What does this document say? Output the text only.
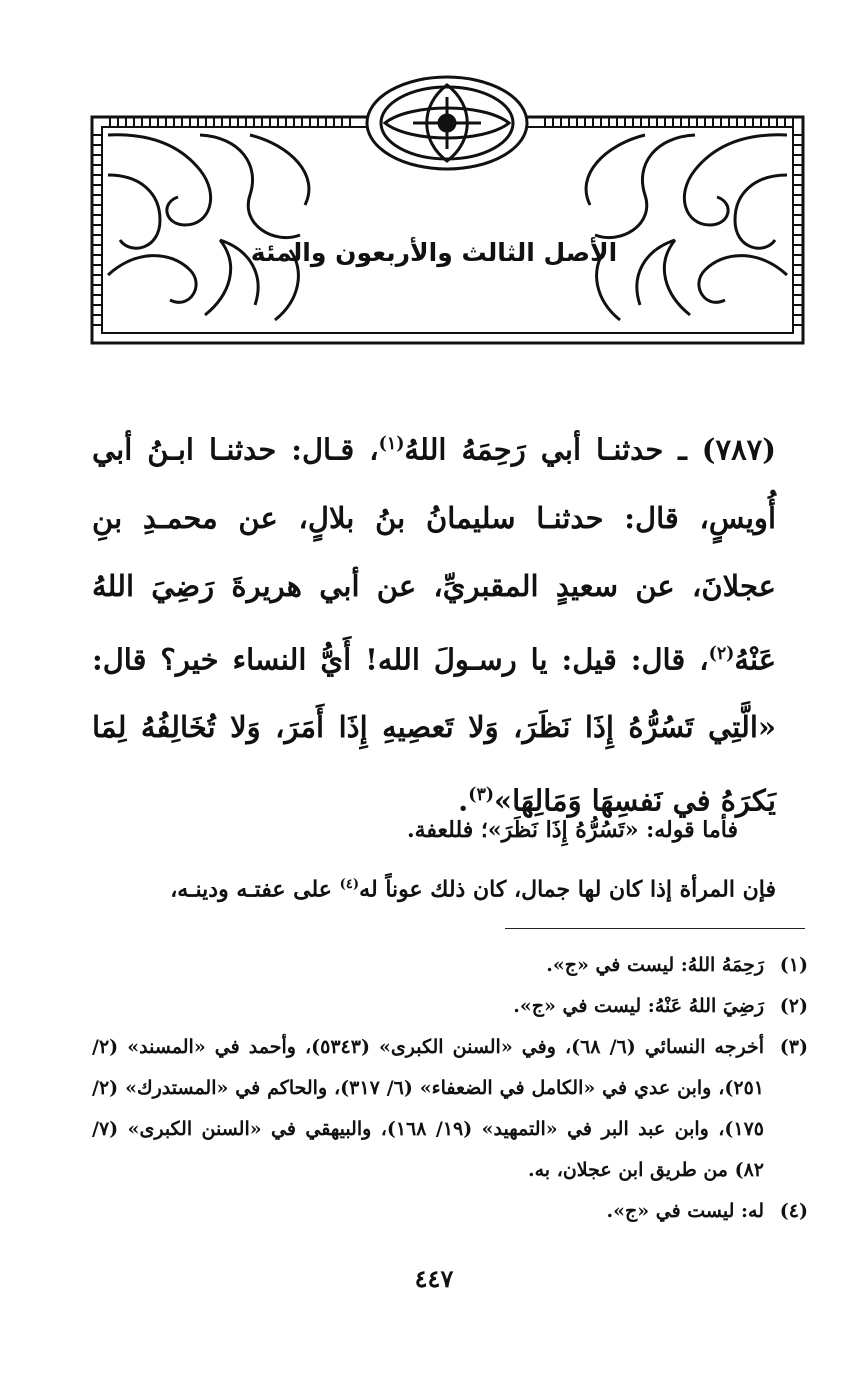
الأصل الثالث والأربعون والمئة

(٧٨٧) ـ حدثنـا أبي رَحِمَهُ اللهُ$^{(١)}$، قـال: حدثنـا ابـنُ أبي أُويسٍ، قال: حدثنـا سليمانُ بنُ بلالٍ، عن محمـدِ بنِ عجلانَ، عن سعيدٍ المقبريِّ، عن أبي هريرةَ رَضِيَ اللهُ عَنْهُ$^{(٢)}$، قال: قيل: يا رسـولَ الله! أَيُّ النساء خير؟ قال: «الَّتِي تَسُرُّهُ إِذَا نَظَرَ، وَلا تَعصِيهِ إِذَا أَمَرَ، وَلا تُخَالِفُهُ لِمَا يَكرَهُ في نَفسِهَا وَمَالِهَا»$^{(٣)}$.

فأما قوله: «تَسُرُّهُ إِذَا نَظَرَ»؛ فللعفة.
فإن المرأة إذا كان لها جمال، كان ذلك عوناً له$^{(٤)}$ على عفتـه ودينـه،
(١)
رَحِمَهُ اللهُ: ليست في «ج».
(٢)
رَضِيَ اللهُ عَنْهُ: ليست في «ج».
(٣)
أخرجه النسائي (٦/ ٦٨)، وفي «السنن الكبرى» (٥٣٤٣)، وأحمد في «المسند» (٢/ ٢٥١)، وابن عدي في «الكامل في الضعفاء» (٦/ ٣١٧)، والحاكم في «المستدرك» (٢/ ١٧٥)، وابن عبد البر في «التمهيد» (١٩/ ١٦٨)، والبيهقي في «السنن الكبرى» (٧/ ٨٢) من طريق ابن عجلان، به.
(٤)
له: ليست في «ج».
٤٤٧
